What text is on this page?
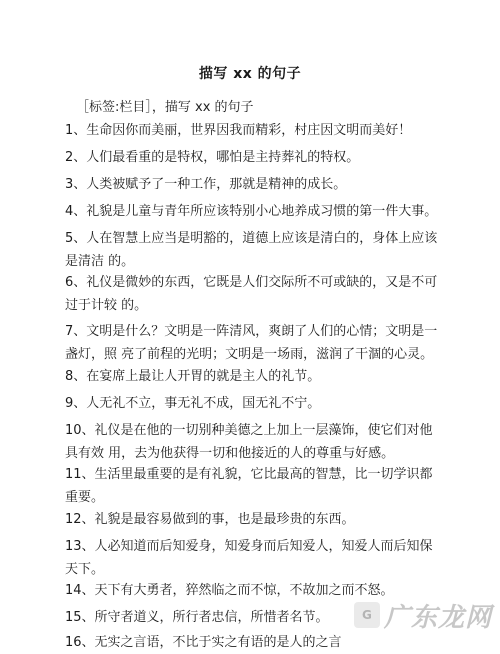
描写 xx 的句子
［标签:栏目］，描写 xx 的句子
1、生命因你而美丽，世界因我而精彩，村庄因文明而美好！
2、人们最看重的是特权，哪怕是主持葬礼的特权。
3、人类被赋予了一种工作，那就是精神的成长。
4、礼貌是儿童与青年所应该特别小心地养成习惯的第一件大事。
5、人在智慧上应当是明豁的，道德上应该是清白的，身体上应该是清洁 的。
6、礼仪是微妙的东西，它既是人们交际所不可或缺的，又是不可过于计较 的。
7、文明是什么？文明是一阵清风，爽朗了人们的心情；文明是一盏灯，照 亮了前程的光明；文明是一场雨，滋润了干涸的心灵。
8、在宴席上最让人开胃的就是主人的礼节。
9、人无礼不立，事无礼不成，国无礼不宁。
10、礼仪是在他的一切别种美德之上加上一层藻饰，使它们对他具有效 用，去为他获得一切和他接近的人的尊重与好感。
11、生活里最重要的是有礼貌，它比最高的智慧，比一切学识都重要。
12、礼貌是最容易做到的事，也是最珍贵的东西。
13、人必知道而后知爱身，知爱身而后知爱人，知爱人而后知保天下。
14、天下有大勇者，猝然临之而不惊，不故加之而不怒。
15、所守者道义，所行者忠信，所惜者名节。
16、无实之言语，不比于实之有语的是人的之言
G 广东龙网
